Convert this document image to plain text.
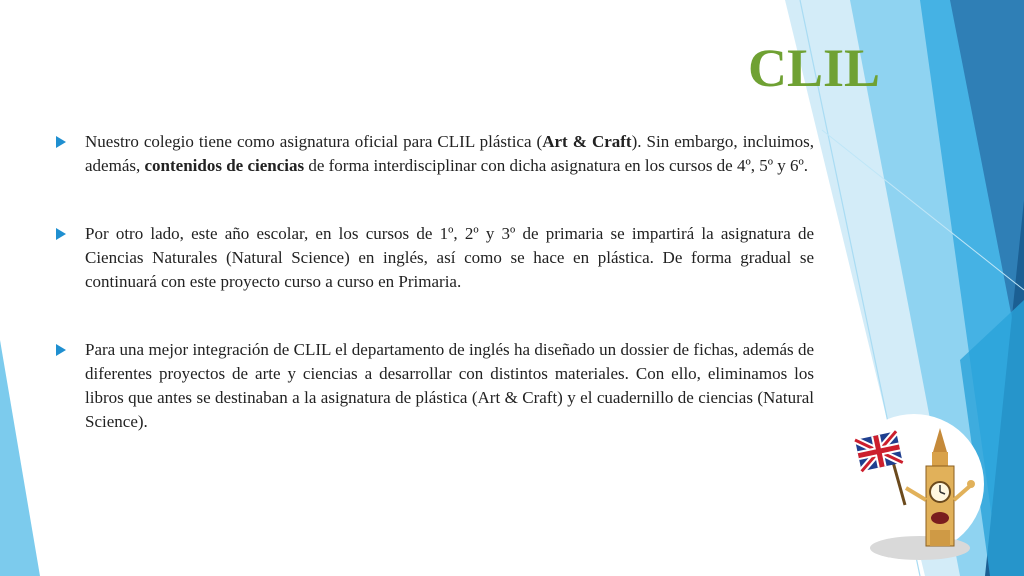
CLIL
Nuestro colegio tiene como asignatura oficial para CLIL plástica (Art & Craft). Sin embargo, incluimos, además, contenidos de ciencias de forma interdisciplinar con dicha asignatura en los cursos de 4º, 5º y 6º.
Por otro lado, este año escolar, en los cursos de 1º, 2º y 3º de primaria se impartirá la asignatura de Ciencias Naturales (Natural Science) en inglés, así como se hace en plástica. De forma gradual se continuará con este proyecto curso a curso en Primaria.
Para una mejor integración de CLIL el departamento de inglés ha diseñado un dossier de fichas, además de diferentes proyectos de arte y ciencias a desarrollar con distintos materiales. Con ello, eliminamos los libros que antes se destinaban a la asignatura de plástica (Art & Craft) y el cuadernillo de ciencias (Natural Science).
